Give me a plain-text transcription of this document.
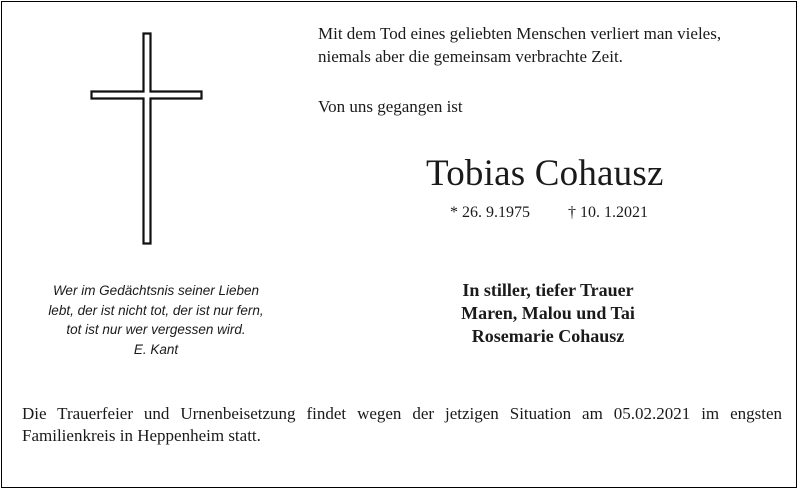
Mit dem Tod eines geliebten Menschen verliert man vieles,
niemals aber die gemeinsam verbrachte Zeit.
Von uns gegangen ist
Tobias Cohausz
* 26. 9.1975 † 10. 1.2021
In stiller, tiefer Trauer
Maren, Malou und Tai
Rosemarie Cohausz
Wer im Gedächtsnis seiner Lieben
lebt, der ist nicht tot, der ist nur fern,
tot ist nur wer vergessen wird.
E. Kant
Die Trauerfeier und Urnenbeisetzung findet wegen der jetzigen Situation am 05.02.2021 im engsten Familienkreis in Heppenheim statt.
